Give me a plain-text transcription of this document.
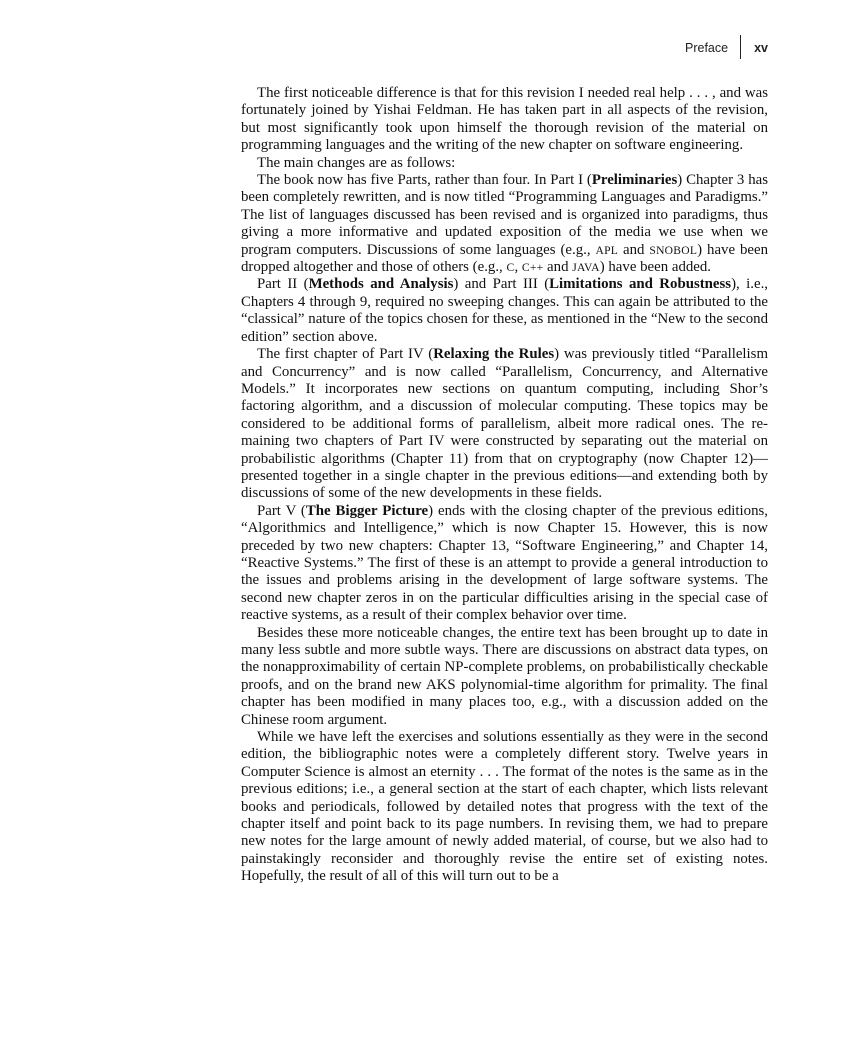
Preface	xv

The first noticeable difference is that for this revision I needed real help . . . , and was fortunately joined by Yishai Feldman. He has taken part in all aspects of the revision, but most significantly took upon himself the thorough revision of the material on programming languages and the writing of the new chapter on software engineering.

The main changes are as follows:

The book now has five Parts, rather than four. In Part I (Preliminaries) Chapter 3 has been completely rewritten, and is now titled “Programming Languages and Paradigms.” The list of languages discussed has been revised and is organized into paradigms, thus giving a more informative and updated exposition of the media we use when we program computers. Discussions of some languages (e.g., APL and SNOBOL) have been dropped altogether and those of others (e.g., C, C++ and JAVA) have been added.

Part II (Methods and Analysis) and Part III (Limitations and Robustness), i.e., Chapters 4 through 9, required no sweeping changes. This can again be attributed to the “classical” nature of the topics chosen for these, as mentioned in the “New to the second edition” section above.

The first chapter of Part IV (Relaxing the Rules) was previously titled “Parallelism and Concurrency” and is now called “Parallelism, Concurrency, and Alternative Models.” It incorporates new sections on quantum computing, including Shor’s factoring algorithm, and a discussion of molecular computing. These topics may be considered to be additional forms of parallelism, albeit more radical ones. The remaining two chapters of Part IV were constructed by separating out the material on probabilistic algorithms (Chapter 11) from that on cryptography (now Chapter 12)—presented together in a single chapter in the previous editions—and extending both by discussions of some of the new developments in these fields.

Part V (The Bigger Picture) ends with the closing chapter of the previous editions, “Algorithmics and Intelligence,” which is now Chapter 15. However, this is now preceded by two new chapters: Chapter 13, “Software Engineering,” and Chapter 14, “Reactive Systems.” The first of these is an attempt to provide a general introduction to the issues and problems arising in the development of large software systems. The second new chapter zeros in on the particular difficulties arising in the special case of reactive systems, as a result of their complex behavior over time.

Besides these more noticeable changes, the entire text has been brought up to date in many less subtle and more subtle ways. There are discussions on abstract data types, on the nonapproximability of certain NP-complete problems, on probabilistically checkable proofs, and on the brand new AKS polynomial-time algorithm for primality. The final chapter has been modified in many places too, e.g., with a discussion added on the Chinese room argument.

While we have left the exercises and solutions essentially as they were in the second edition, the bibliographic notes were a completely different story. Twelve years in Computer Science is almost an eternity . . . The format of the notes is the same as in the previous editions; i.e., a general section at the start of each chapter, which lists relevant books and periodicals, followed by detailed notes that progress with the text of the chapter itself and point back to its page numbers. In revising them, we had to prepare new notes for the large amount of newly added material, of course, but we also had to painstakingly reconsider and thoroughly revise the entire set of existing notes. Hopefully, the result of all of this will turn out to be a
